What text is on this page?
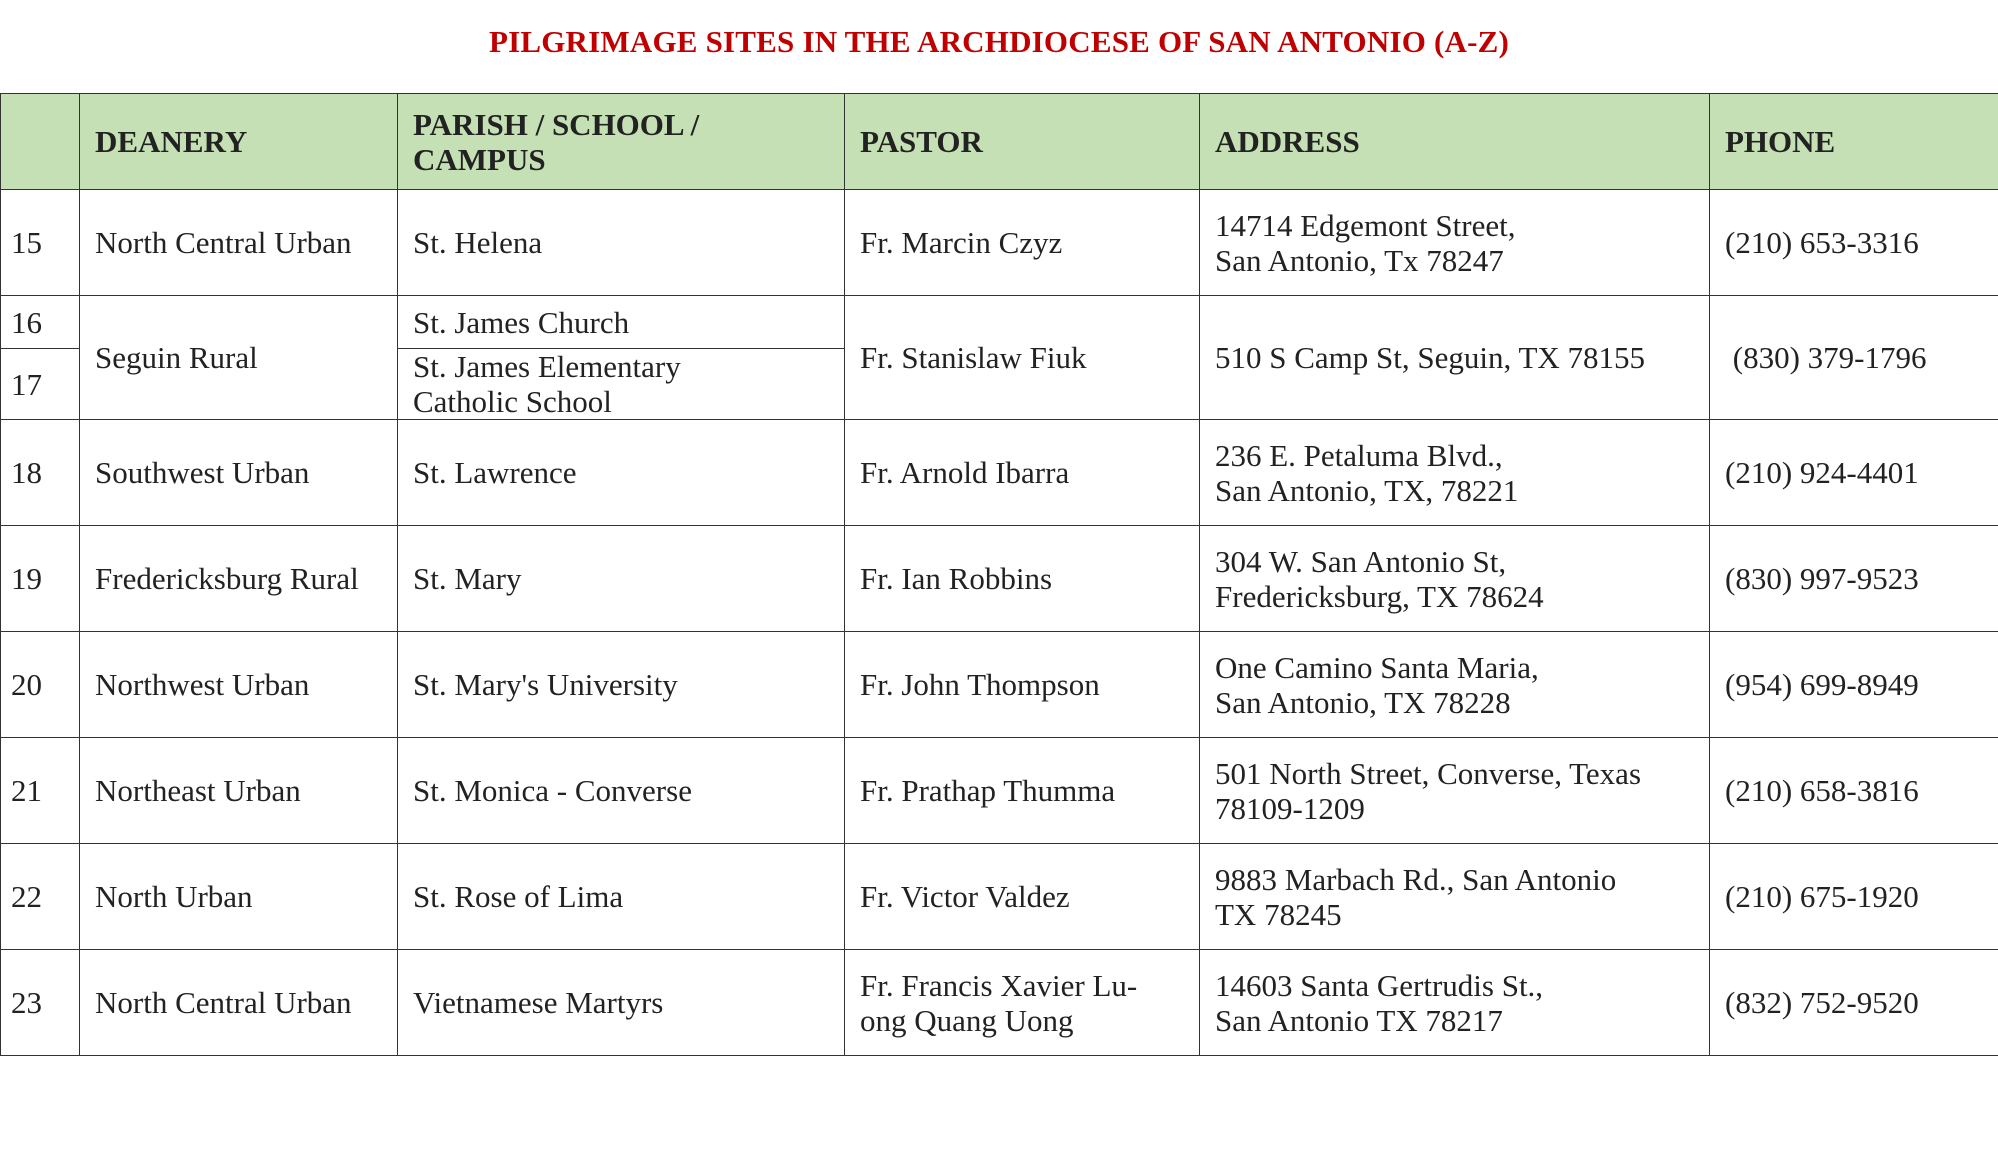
PILGRIMAGE SITES IN THE ARCHDIOCESE OF SAN ANTONIO (A-Z)
	DEANERY	PARISH / SCHOOL /
CAMPUS	PASTOR	ADDRESS	PHONE
15	North Central Urban	St. Helena	Fr. Marcin Czyz	14714 Edgemont Street,
San Antonio, Tx 78247	(210) 653-3316
16	Seguin Rural	St. James Church	Fr. Stanislaw Fiuk	510 S Camp St, Seguin, TX 78155	(830) 379-1796
17		St. James Elementary
Catholic School			
18	Southwest Urban	St. Lawrence	Fr. Arnold Ibarra	236 E. Petaluma Blvd.,
San Antonio, TX, 78221	(210) 924-4401
19	Fredericksburg Rural	St. Mary	Fr. Ian Robbins	304 W. San Antonio St,
Fredericksburg, TX 78624	(830) 997-9523
20	Northwest Urban	St. Mary's University	Fr. John Thompson	One Camino Santa Maria,
San Antonio, TX 78228	(954) 699-8949
21	Northeast Urban	St. Monica - Converse	Fr. Prathap Thumma	501 North Street, Converse, Texas
78109-1209	(210) 658-3816
22	North Urban	St. Rose of Lima	Fr. Victor Valdez	9883 Marbach Rd., San Antonio
TX 78245	(210) 675-1920
23	North Central Urban	Vietnamese Martyrs	Fr. Francis Xavier Lu-
ong Quang Uong	14603 Santa Gertrudis St.,
San Antonio TX 78217	(832) 752-9520
